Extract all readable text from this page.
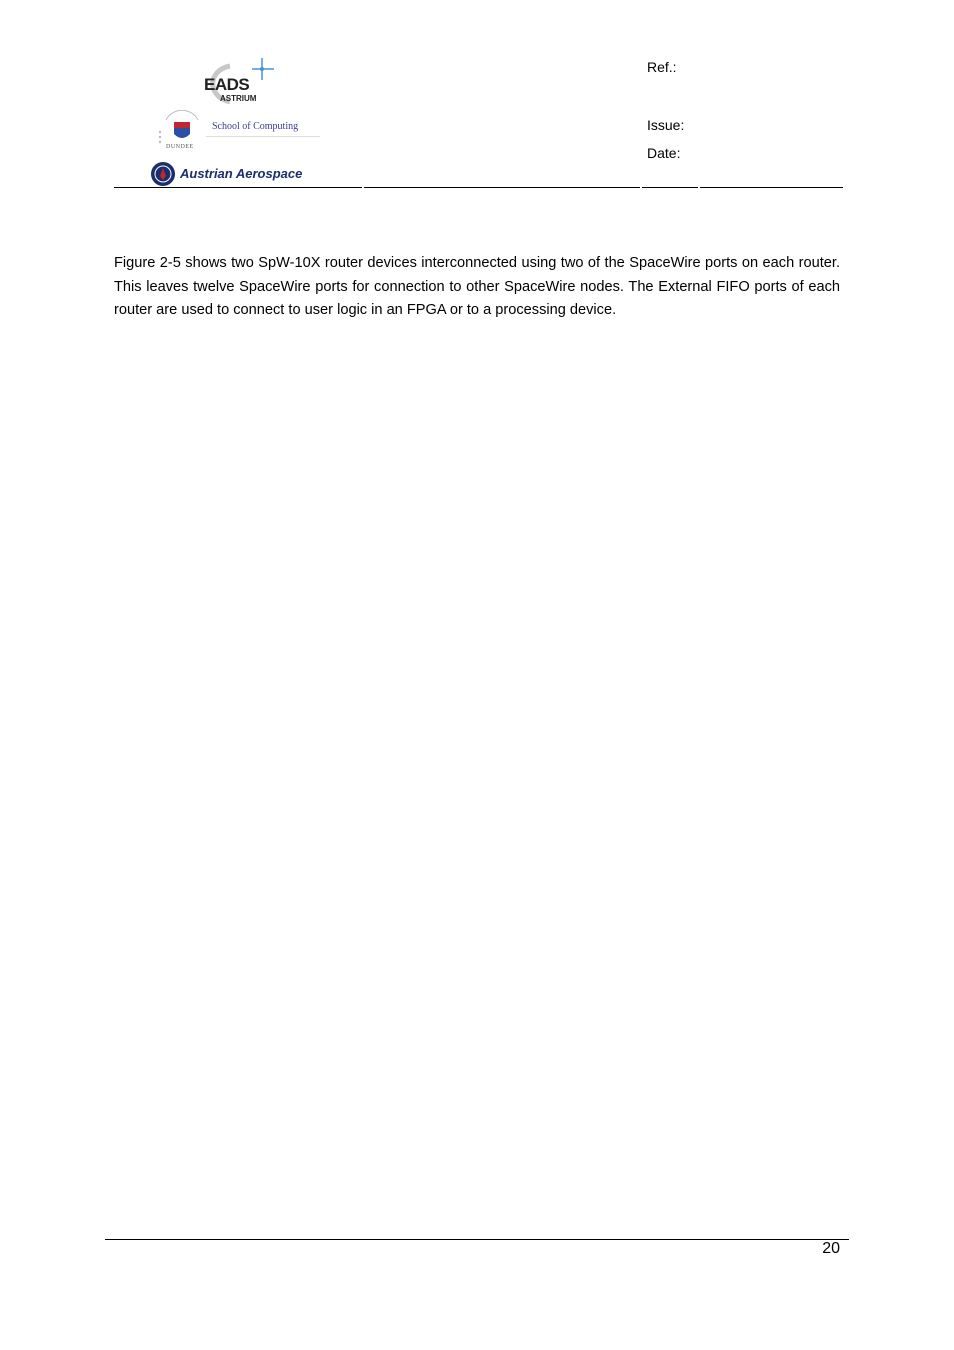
EADS
ASTRIUM
School of Computing
DUNDEE
Austrian Aerospace
Ref.:
Issue:
Date:

Figure 2-5 shows two SpW-10X router devices interconnected using two of the SpaceWire ports on each router. This leaves twelve SpaceWire ports for connection to other SpaceWire nodes. The External FIFO ports of each router are used to connect to user logic in an FPGA or to a processing device.

20
